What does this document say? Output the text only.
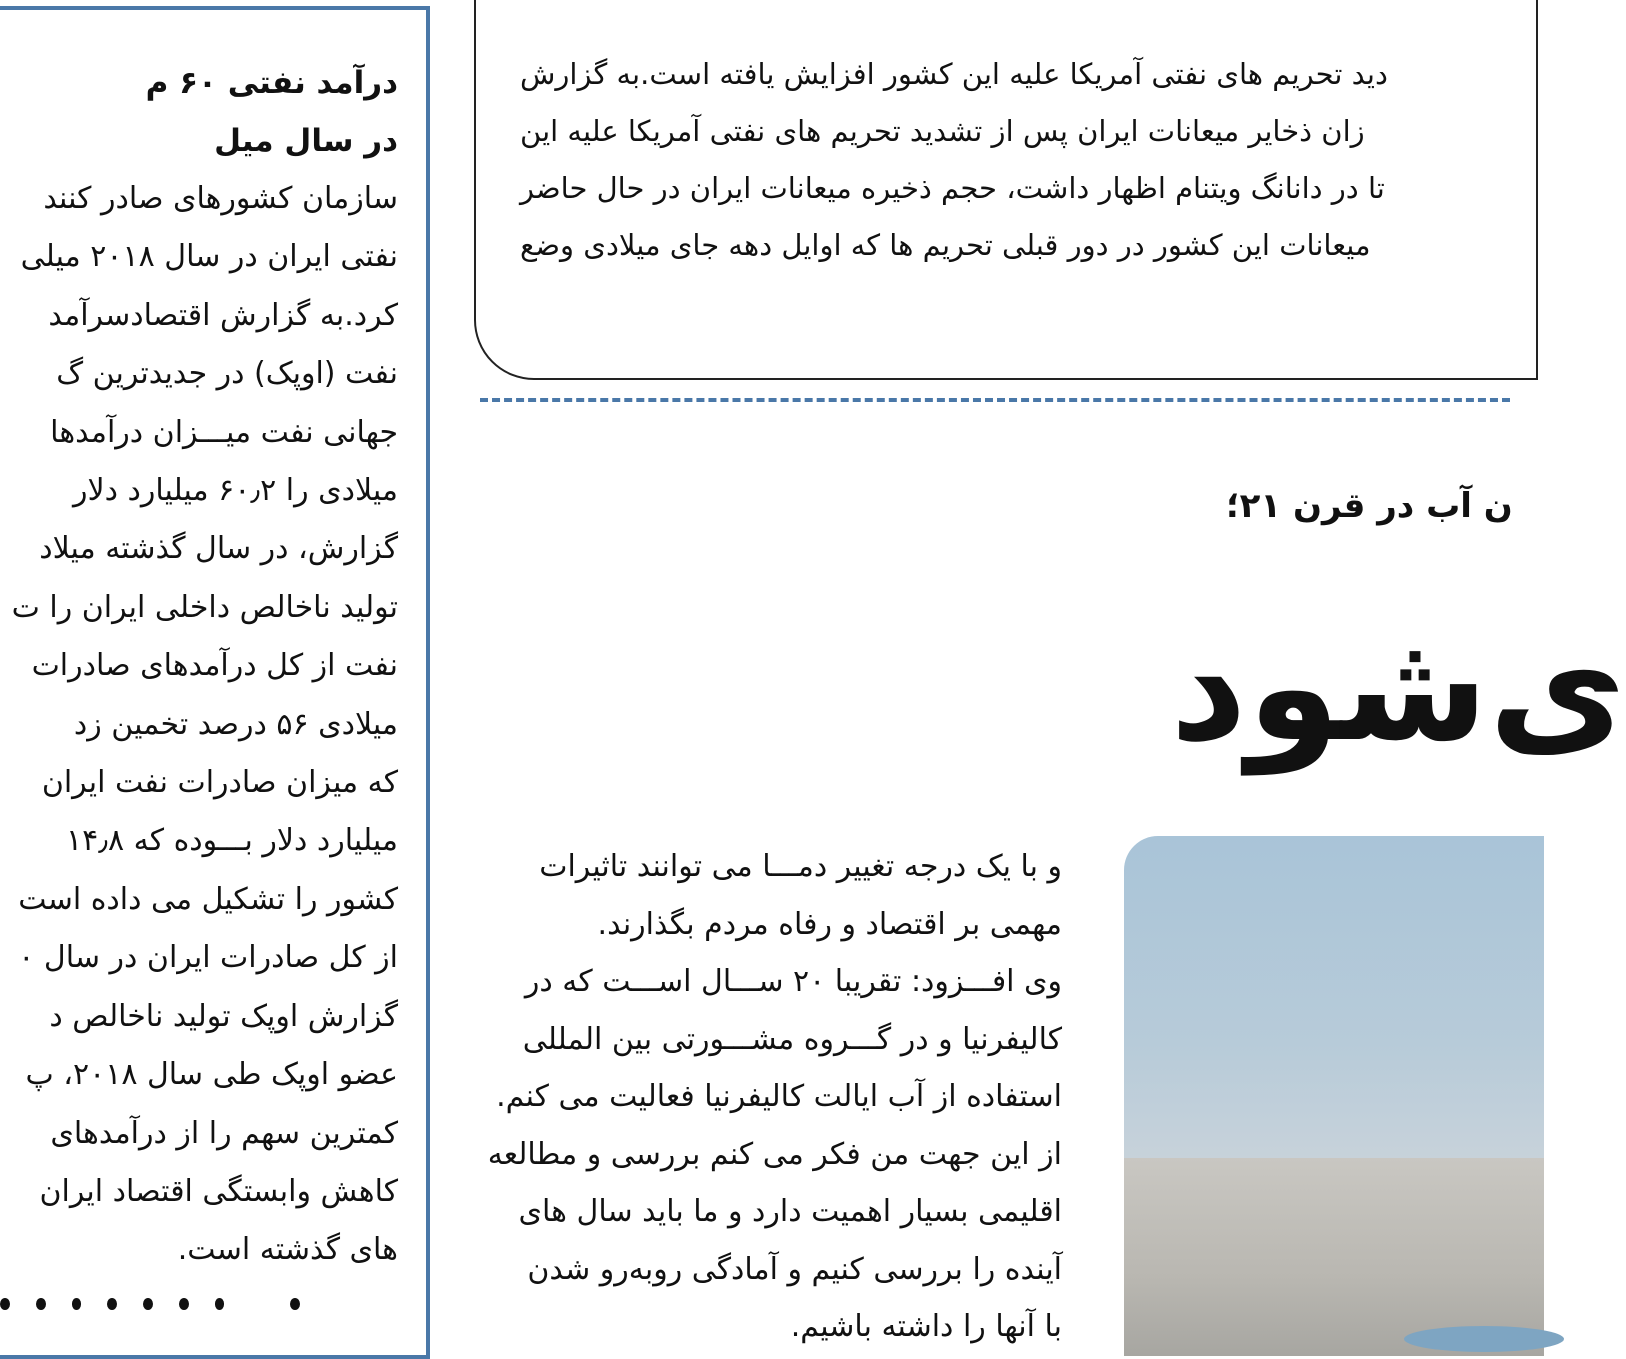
درآمد نفتی ۶۰ م
در سال میل
سازمان کشورهای صادر کنند
نفتی ایران در سال ۲۰۱۸ میلی
کرد.به گزارش اقتصادسرآمد
نفت (اوپک) در جدیدترین گ
جهانی نفت میـــزان درآمدها
میلادی را ۶۰٫۲ میلیارد دلار
گزارش، در سال گذشته میلاد
تولید ناخالص داخلی ایران را ت
نفت از کل درآمدهای صادرات
میلادی ۵۶ درصد تخمین زد
که میزان صادرات نفت ایران
میلیارد دلار بـــوده که ۱۴٫۸
کشور را تشکیل می داده است
از کل صادرات ایران در سال ۰
گزارش اوپک تولید ناخالص د
عضو اوپک طی سال ۲۰۱۸، پ
کمترین سهم را از درآمدهای
کاهش وابستگی اقتصاد ایران
های گذشته است.
دید تحریم های نفتی آمریکا علیه این کشور افزایش یافته است.به گزارش
زان ذخایر میعانات ایران پس از تشدید تحریم های نفتی آمریکا علیه این
تا در دانانگ ویتنام اظهار داشت، حجم ذخیره میعانات ایران در حال حاضر
میعانات این کشور در دور قبلی تحریم ها که اوایل دهه جای میلادی وضع
ن آب در قرن ۲۱؛
ی‌شود
و با یک درجه تغییر دمـــا می توانند تاثیرات
مهمی بر اقتصاد و رفاه مردم بگذارند.
وی افـــزود: تقریبا ۲۰ ســـال اســـت که در
کالیفرنیا و در گـــروه مشـــورتی بین المللی
استفاده از آب ایالت کالیفرنیا فعالیت می کنم.
از این جهت من فکر می کنم بررسی و مطالعه
اقلیمی بسیار اهمیت دارد و ما باید سال های
آینده را بررسی کنیم و آمادگی روبه‌رو شدن
با آنها را داشته باشیم.
